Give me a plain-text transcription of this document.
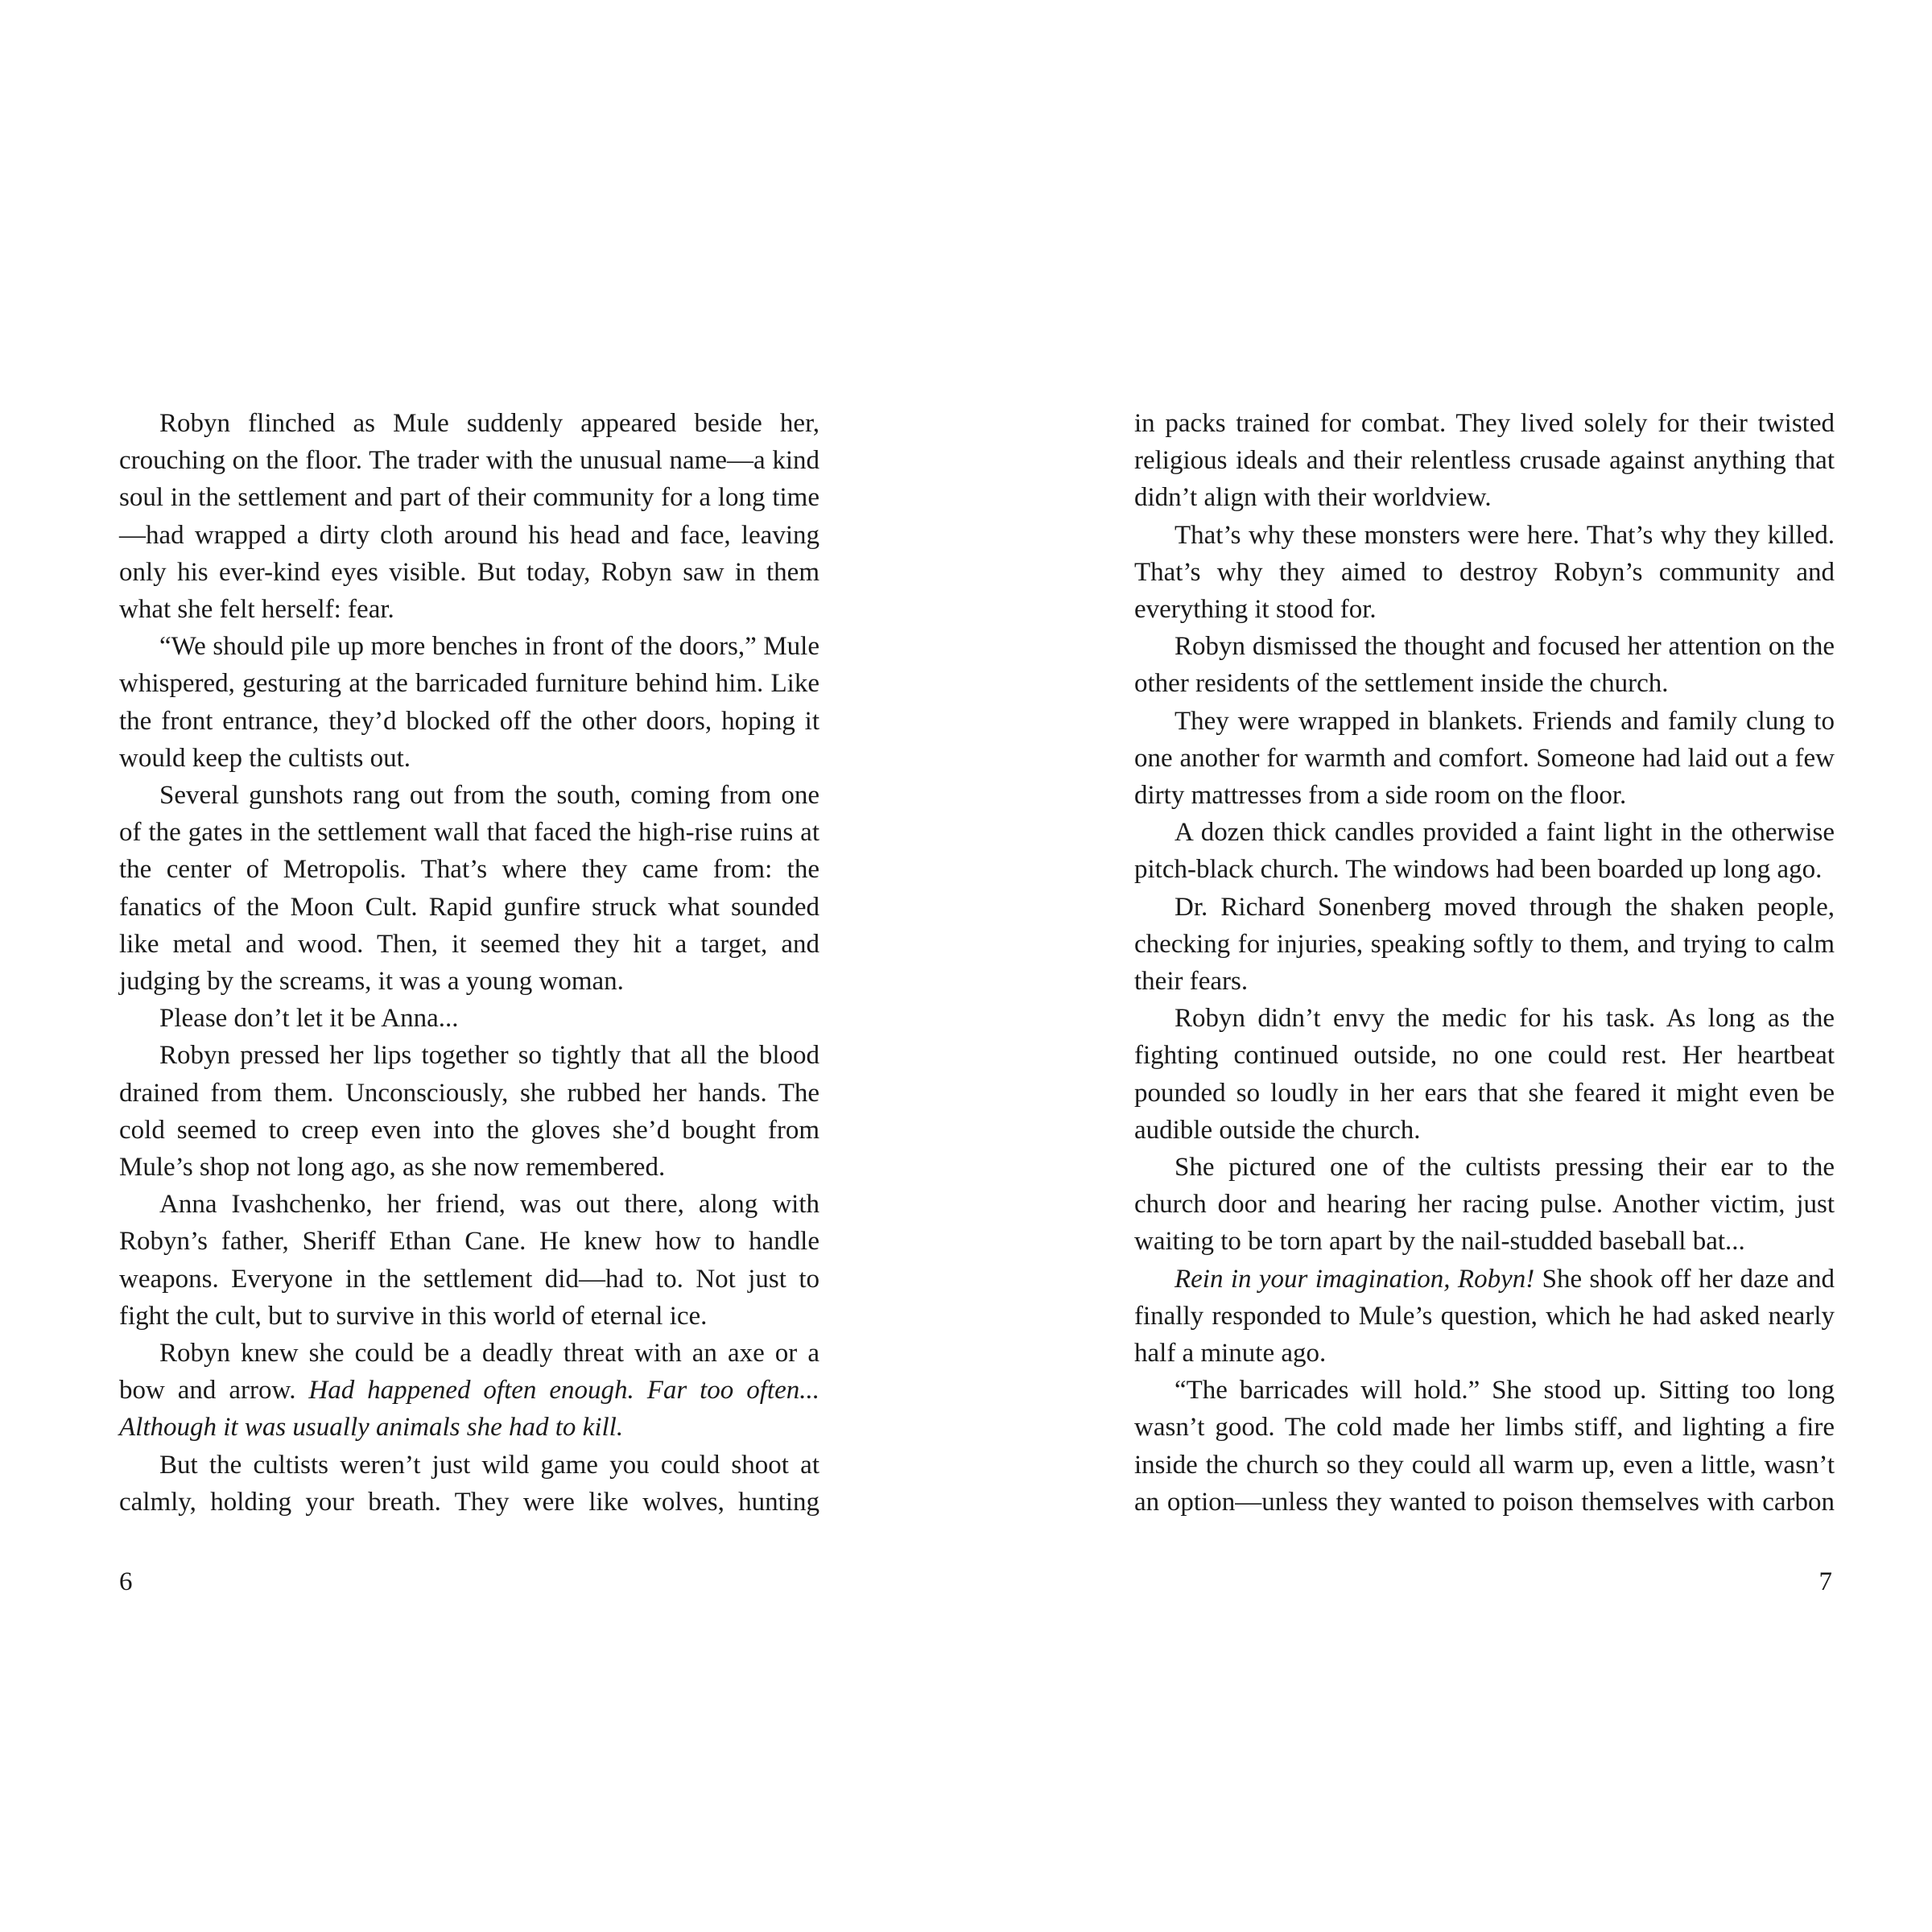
Robyn flinched as Mule suddenly appeared beside her, crouching on the floor. The trader with the unusual name—a kind soul in the settlement and part of their community for a long time—had wrapped a dirty cloth around his head and face, leaving only his ever-kind eyes visible. But today, Robyn saw in them what she felt herself: fear.

“We should pile up more benches in front of the doors,” Mule whispered, gesturing at the barricaded furniture behind him. Like the front entrance, they’d blocked off the other doors, hoping it would keep the cultists out.

Several gunshots rang out from the south, coming from one of the gates in the settlement wall that faced the high-rise ruins at the center of Metropolis. That’s where they came from: the fanatics of the Moon Cult. Rapid gunfire struck what sounded like metal and wood. Then, it seemed they hit a target, and judging by the screams, it was a young woman.

Please don’t let it be Anna...

Robyn pressed her lips together so tightly that all the blood drained from them. Unconsciously, she rubbed her hands. The cold seemed to creep even into the gloves she’d bought from Mule’s shop not long ago, as she now remembered.

Anna Ivashchenko, her friend, was out there, along with Robyn’s father, Sheriff Ethan Cane. He knew how to handle weapons. Everyone in the settlement did—had to. Not just to fight the cult, but to survive in this world of eternal ice.

Robyn knew she could be a deadly threat with an axe or a bow and arrow. Had happened often enough. Far too often... Although it was usually animals she had to kill.

But the cultists weren’t just wild game you could shoot at calmly, holding your breath. They were like wolves, hunting

6

in packs trained for combat. They lived solely for their twisted religious ideals and their relentless crusade against anything that didn’t align with their worldview.

That’s why these monsters were here. That’s why they killed. That’s why they aimed to destroy Robyn’s community and everything it stood for.

Robyn dismissed the thought and focused her attention on the other residents of the settlement inside the church.

They were wrapped in blankets. Friends and family clung to one another for warmth and comfort. Someone had laid out a few dirty mattresses from a side room on the floor.

A dozen thick candles provided a faint light in the otherwise pitch-black church. The windows had been boarded up long ago.

Dr. Richard Sonenberg moved through the shaken people, checking for injuries, speaking softly to them, and trying to calm their fears.

Robyn didn’t envy the medic for his task. As long as the fighting continued outside, no one could rest. Her heartbeat pounded so loudly in her ears that she feared it might even be audible outside the church.

She pictured one of the cultists pressing their ear to the church door and hearing her racing pulse. Another victim, just waiting to be torn apart by the nail-studded baseball bat...

Rein in your imagination, Robyn! She shook off her daze and finally responded to Mule’s question, which he had asked nearly half a minute ago.

“The barricades will hold.” She stood up. Sitting too long wasn’t good. The cold made her limbs stiff, and lighting a fire inside the church so they could all warm up, even a little, wasn’t an option—unless they wanted to poison themselves with carbon

7
